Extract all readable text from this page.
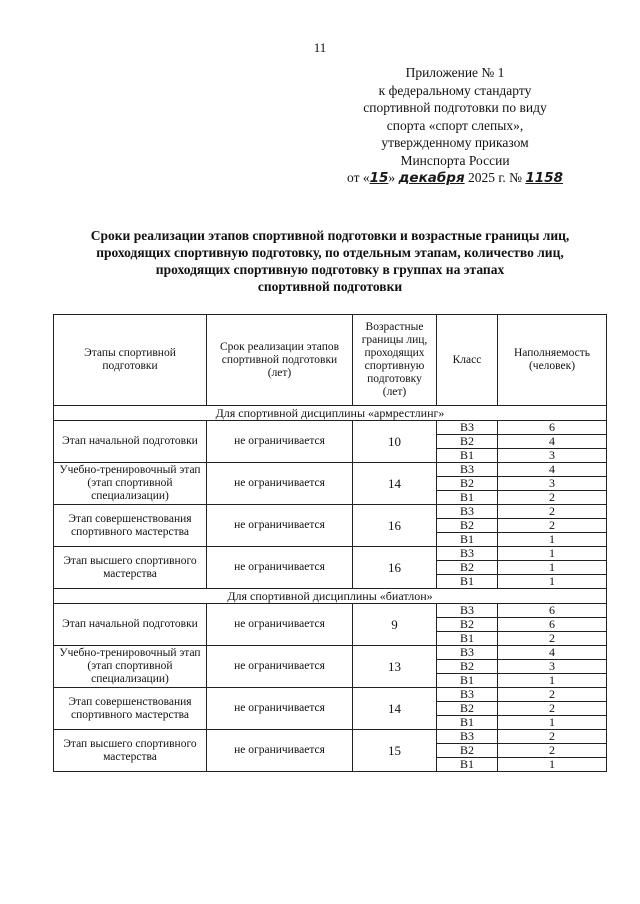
11
Приложение № 1
к федеральному стандарту
спортивной подготовки по виду
спорта «спорт слепых»,
утвержденному приказом
Минспорта России
от «15» декабря 2025 г. № 1158
Сроки реализации этапов спортивной подготовки и возрастные границы лиц,
проходящих спортивную подготовку, по отдельным этапам, количество лиц,
проходящих спортивную подготовку в группах на этапах
спортивной подготовки
Этапы спортивной подготовки	Срок реализации этапов спортивной подготовки (лет)	Возрастные границы лиц, проходящих спортивную подготовку (лет)	Класс	Наполняемость (человек)
Для спортивной дисциплины «армрестлинг»				
Этап начальной подготовки	не ограничивается	10	В3	6
			В2	4
			В1	3
Учебно-тренировочный этап (этап спортивной специализации)	не ограничивается	14	В3	4
			В2	3
			В1	2
Этап совершенствования спортивного мастерства	не ограничивается	16	В3	2
			В2	2
			В1	1
Этап высшего спортивного мастерства	не ограничивается	16	В3	1
			В2	1
			В1	1
Для спортивной дисциплины «биатлон»				
Этап начальной подготовки	не ограничивается	9	В3	6
			В2	6
			В1	2
Учебно-тренировочный этап (этап спортивной специализации)	не ограничивается	13	В3	4
			В2	3
			В1	1
Этап совершенствования спортивного мастерства	не ограничивается	14	В3	2
			В2	2
			В1	1
Этап высшего спортивного мастерства	не ограничивается	15	В3	2
			В2	2
			В1	1
